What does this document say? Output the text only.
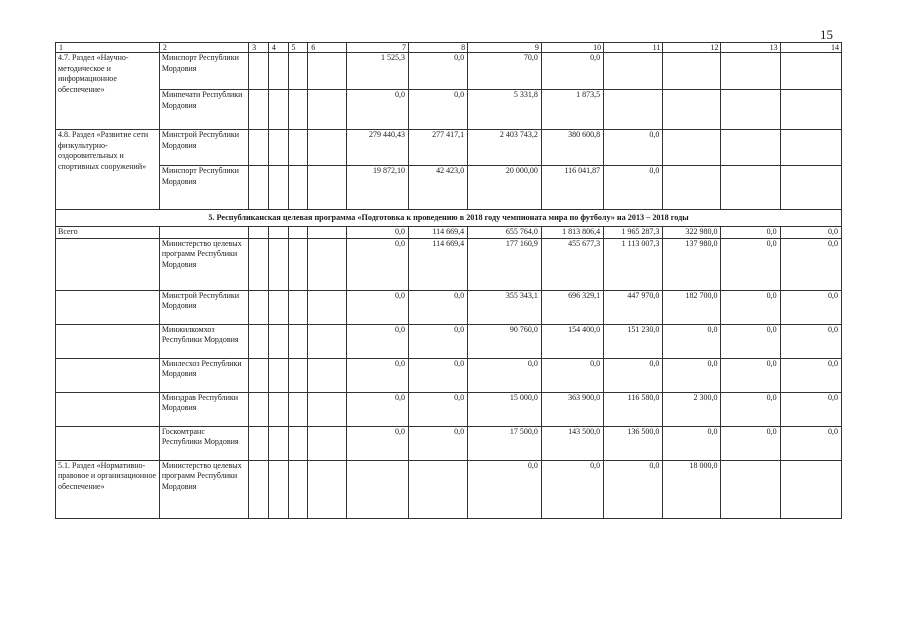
15
1	2	3	4	5	6	7	8	9	10	11	12	13	14
4.7. Раздел «Научно-методическое и информационное обеспечение»	Минспорт Республики Мордовия					1 525,3	0,0	70,0	0,0				
	Минпечати Республики Мордовия					0,0	0,0	5 331,8	1 873,5				
4.8. Раздел «Развитие сети физкультурно-оздоровительных и спортивных сооружений»	Минстрой Республики Мордовия					279 440,43	277 417,1	2 403 743,2	380 600,8	0,0			
	Минспорт Республики Мордовия					19 872,10	42 423,0	20 000,00	116 041,87	0,0			
5. Республиканская целевая программа «Подготовка к проведению в 2018 году чемпионата мира по футболу» на 2013 – 2018 годы													
Всего						0,0	114 669,4	655 764,0	1 813 806,4	1 965 287,3	322 980,0	0,0	0,0
	Министерство целевых программ Республики Мордовия					0,0	114 669,4	177 160,9	455 677,3	1 113 007,3	137 980,0	0,0	0,0
	Минстрой Республики Мордовия					0,0	0,0	355 343,1	696 329,1	447 970,0	182 700,0	0,0	0,0
	Минжилкомхоз Республики Мордовия					0,0	0,0	90 760,0	154 400,0	151 230,0	0,0	0,0	0,0
	Минлесхоз Республики Мордовия					0,0	0,0	0,0	0,0	0,0	0,0	0,0	0,0
	Минздрав Республики Мордовия					0,0	0,0	15 000,0	363 900,0	116 580,0	2 300,0	0,0	0,0
	Госкомтранс Республики Мордовия					0,0	0,0	17 500,0	143 500,0	136 500,0	0,0	0,0	0,0
5.1. Раздел «Нормативно-правовое и организационное обеспечение»	Министерство целевых программ Республики Мордовия							0,0	0,0	0,0	18 000,0		
